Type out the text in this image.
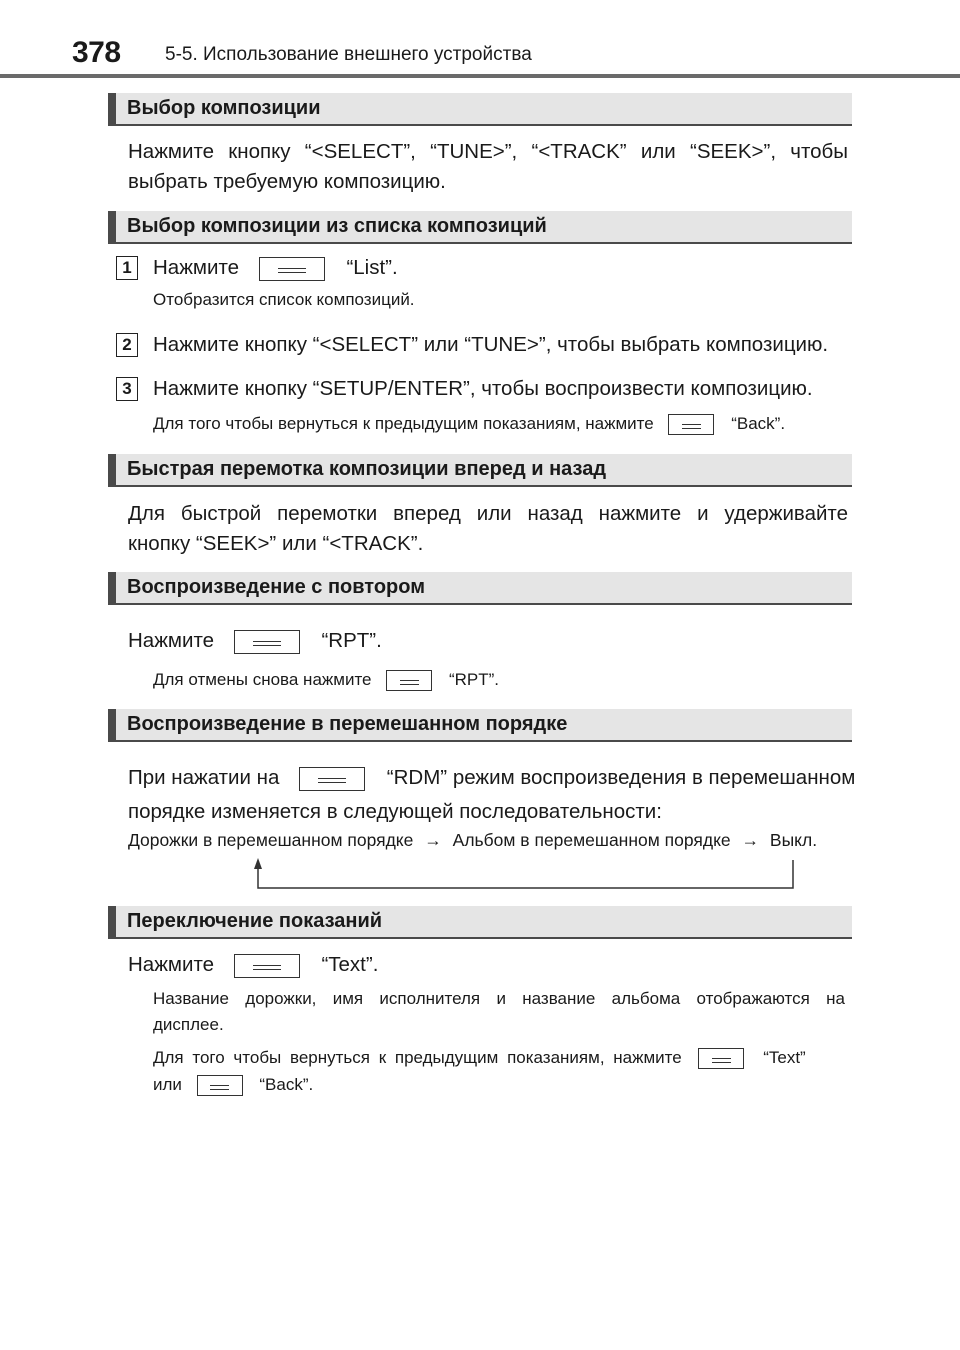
378 5-5. Использование внешнего устройства
Выбор композиции
Нажмите кнопку “<SELECT”, “TUNE>”, “<TRACK” или “SEEK>”, чтобы
выбрать требуемую композицию.
Выбор композиции из списка композиций
1	Нажмите	“List”.
Отобразится список композиций.
2	Нажмите кнопку “<SELECT” или “TUNE>”, чтобы выбрать композицию.
3	Нажмите кнопку “SETUP/ENTER”, чтобы воспроизвести композицию.
Для того чтобы вернуться к предыдущим показаниям, нажмите	“Back”.
Быстрая перемотка композиции вперед и назад
Для быстрой перемотки вперед или назад нажмите и удерживайте
кнопку “SEEK>” или “<TRACK”.
Воспроизведение с повтором
Нажмите	“RPT”.
Для отмены снова нажмите	“RPT”.
Воспроизведение в перемешанном порядке
При нажатии на	“RDM” режим воспроизведения в перемешанном
порядке изменяется в следующей последовательности:
Дорожки в перемешанном порядке → Альбом в перемешанном порядке → Выкл.
Переключение показаний
Нажмите	“Text”.
Название дорожки, имя исполнителя и название альбома отображаются на
дисплее.
Для того чтобы вернуться к предыдущим показаниям, нажмите	“Text”
или	“Back”.
